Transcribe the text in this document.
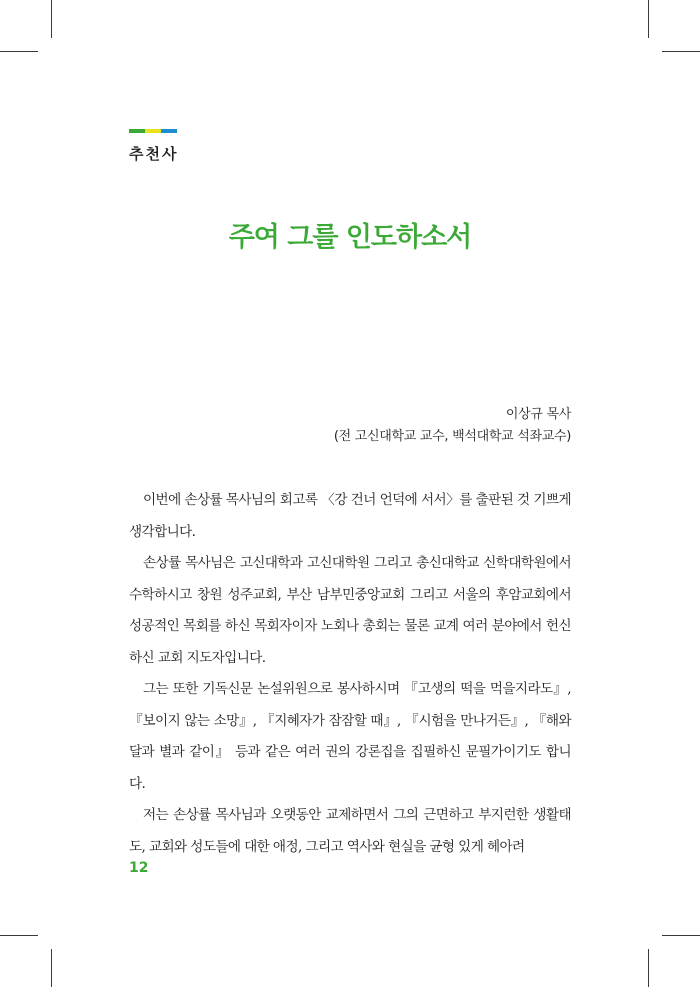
추천사
주여 그를 인도하소서
이상규 목사
(전 고신대학교 교수, 백석대학교 석좌교수)

이번에 손상률 목사님의 회고록 〈강 건너 언덕에 서서〉를 출판된 것 기쁘게 생각합니다.

손상률 목사님은 고신대학과 고신대학원 그리고 총신대학교 신학대학원에서 수학하시고 창원 성주교회, 부산 남부민중앙교회 그리고 서울의 후암교회에서 성공적인 목회를 하신 목회자이자 노회나 총회는 물론 교계 여러 분야에서 헌신하신 교회 지도자입니다.

그는 또한 기독신문 논설위원으로 봉사하시며 『고생의 떡을 먹을지라도』, 『보이지 않는 소망』, 『지혜자가 잠잠할 때』, 『시험을 만나거든』, 『해와 달과 별과 같이』 등과 같은 여러 권의 강론집을 집필하신 문필가이기도 합니다.

저는 손상률 목사님과 오랫동안 교제하면서 그의 근면하고 부지런한 생활태도, 교회와 성도들에 대한 애정, 그리고 역사와 현실을 균형 있게 헤아려

12
